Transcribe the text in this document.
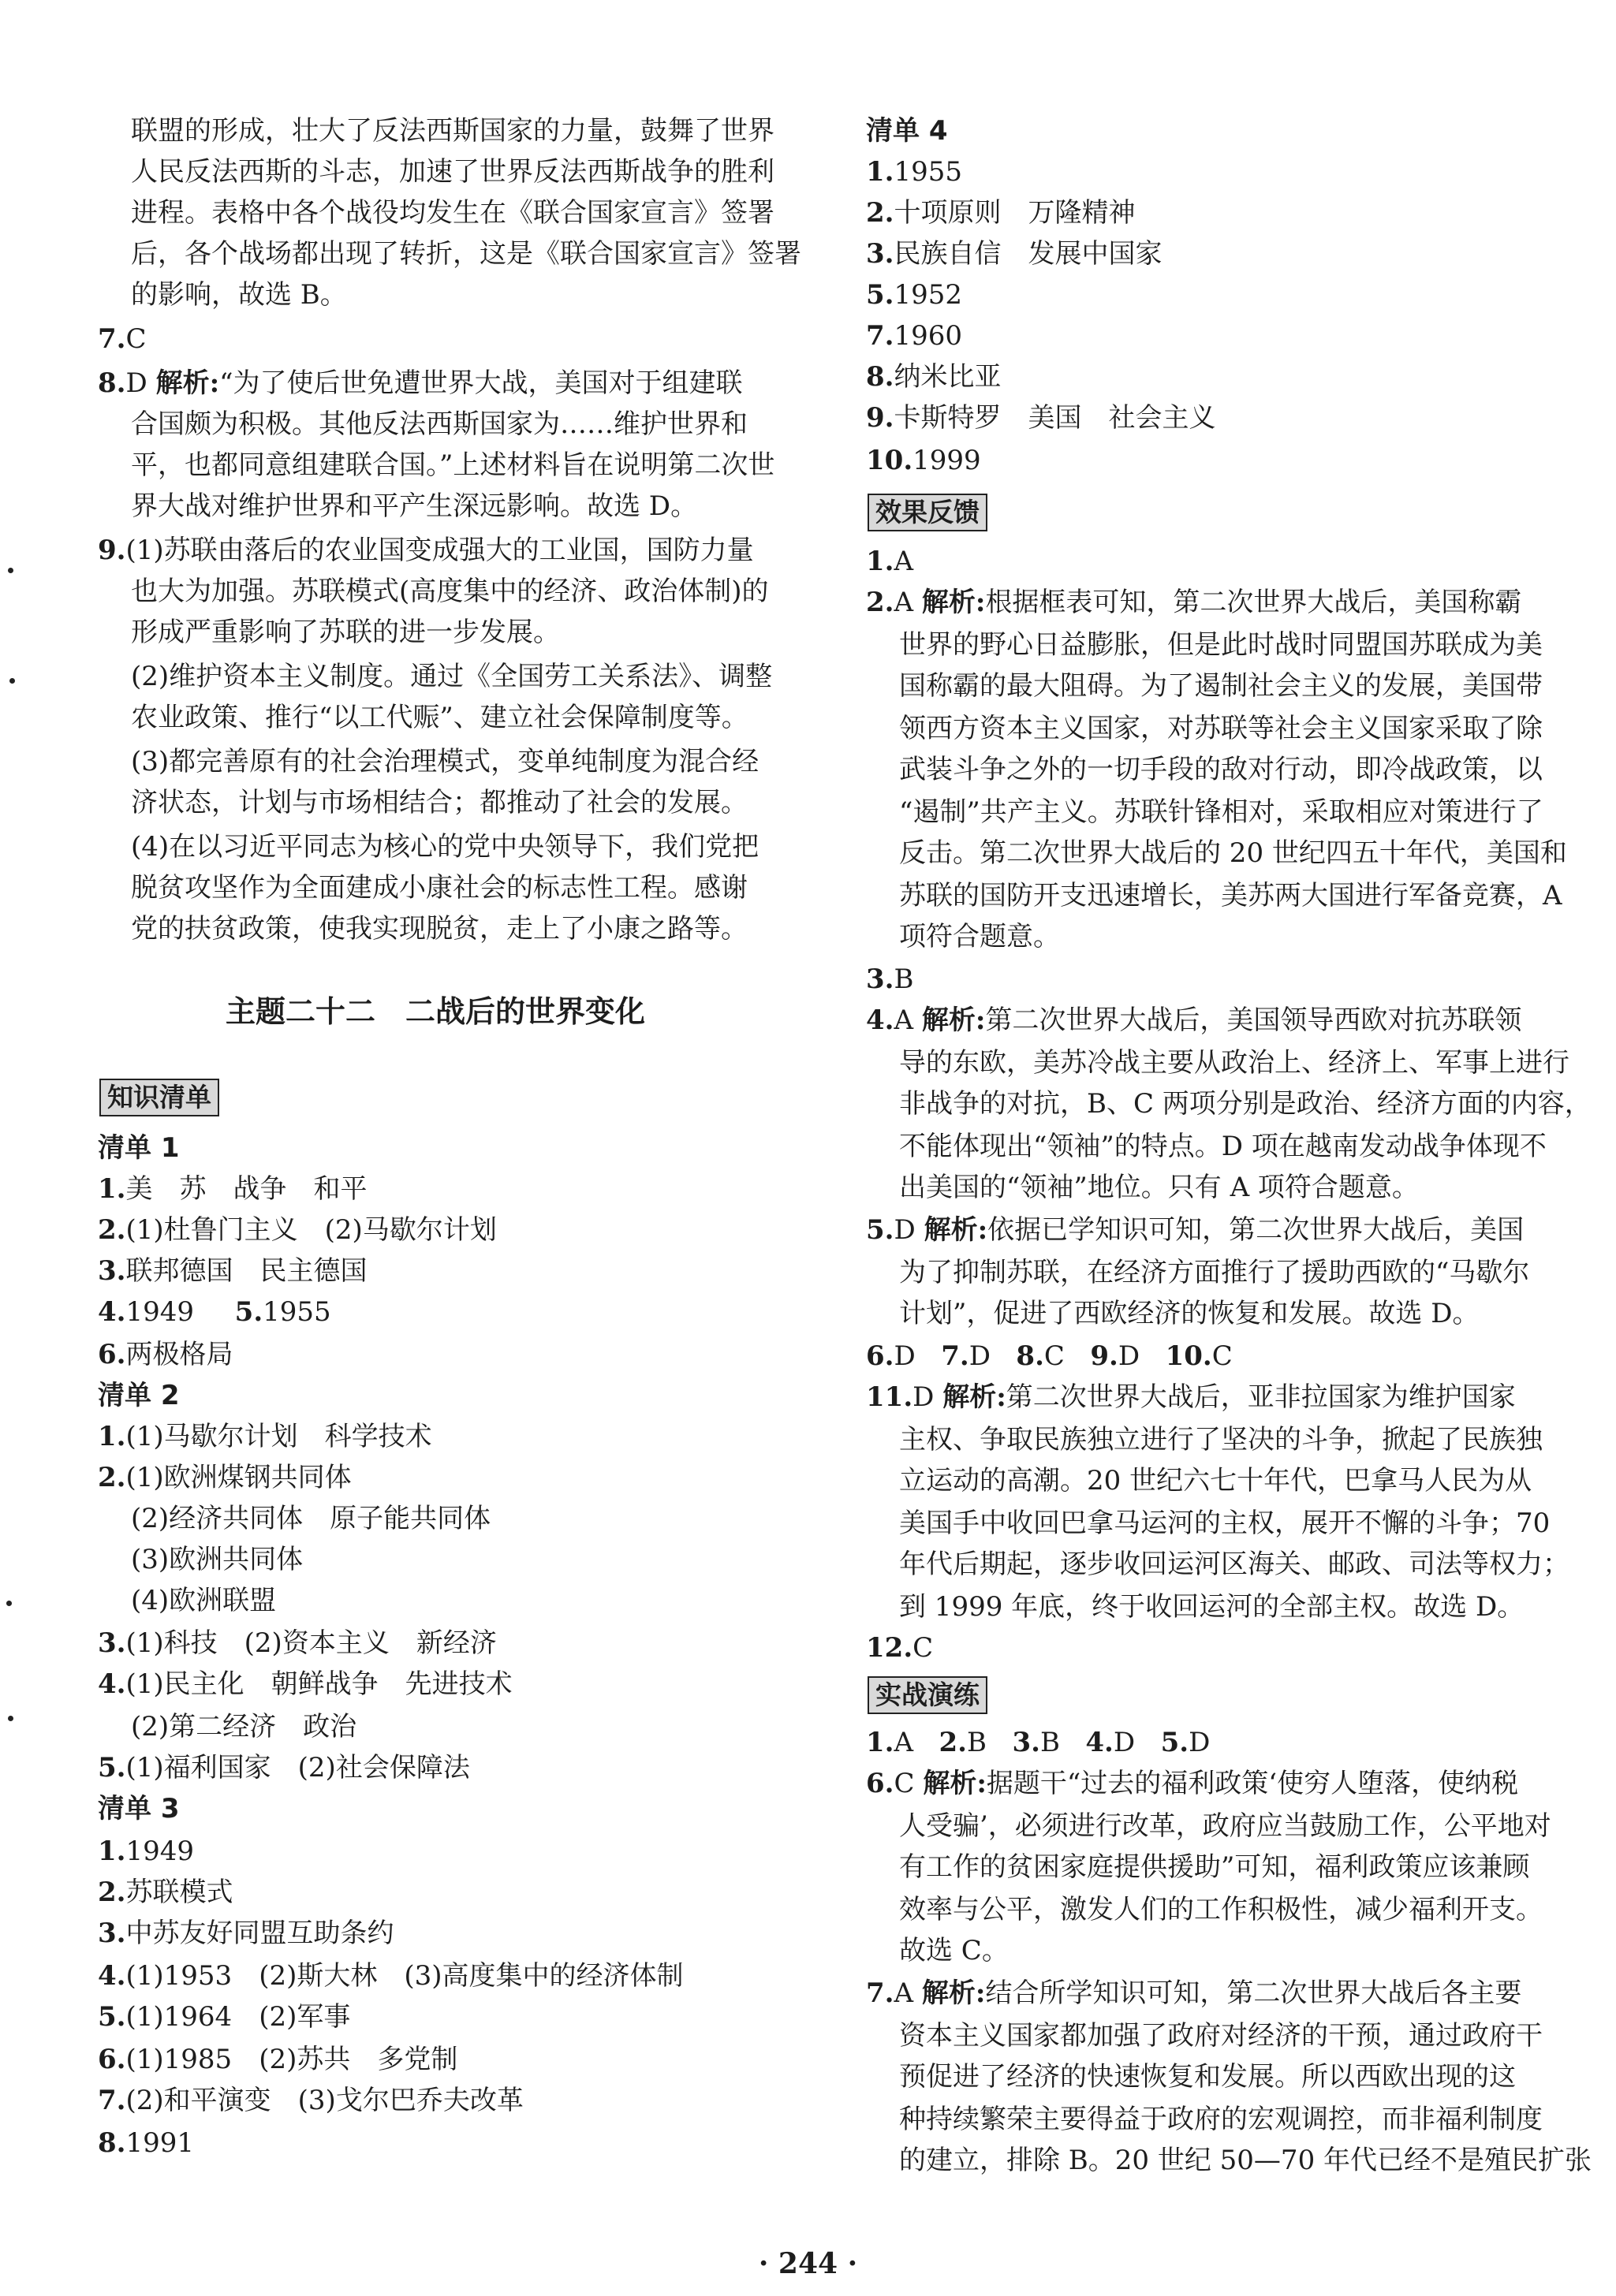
联盟的形成，壮大了反法西斯国家的力量，鼓舞了世界
人民反法西斯的斗志，加速了世界反法西斯战争的胜利
进程。表格中各个战役均发生在《联合国家宣言》签署
后，各个战场都出现了转折，这是《联合国家宣言》签署
的影响，故选 B。
7.C
8.D 解析:“为了使后世免遭世界大战，美国对于组建联
合国颇为积极。其他反法西斯国家为……维护世界和
平，也都同意组建联合国。”上述材料旨在说明第二次世
界大战对维护世界和平产生深远影响。故选 D。
9.(1)苏联由落后的农业国变成强大的工业国，国防力量
也大为加强。苏联模式(高度集中的经济、政治体制)的
形成严重影响了苏联的进一步发展。
(2)维护资本主义制度。通过《全国劳工关系法》、调整
农业政策、推行“以工代赈”、建立社会保障制度等。
(3)都完善原有的社会治理模式，变单纯制度为混合经
济状态，计划与市场相结合；都推动了社会的发展。
(4)在以习近平同志为核心的党中央领导下，我们党把
脱贫攻坚作为全面建成小康社会的标志性工程。感谢
党的扶贫政策，使我实现脱贫，走上了小康之路等。
主题二十二　二战后的世界变化
知识清单
清单 1
1.美　苏　战争　和平
2.(1)杜鲁门主义　(2)马歇尔计划
3.联邦德国　民主德国
4.1949 5.1955
6.两极格局
清单 2
1.(1)马歇尔计划　科学技术
2.(1)欧洲煤钢共同体
(2)经济共同体　原子能共同体
(3)欧洲共同体
(4)欧洲联盟
3.(1)科技　(2)资本主义　新经济
4.(1)民主化　朝鲜战争　先进技术
(2)第二经济　政治
5.(1)福利国家　(2)社会保障法
清单 3
1.1949
2.苏联模式
3.中苏友好同盟互助条约
4.(1)1953　(2)斯大林　(3)高度集中的经济体制
5.(1)1964　(2)军事
6.(1)1985　(2)苏共　多党制
7.(2)和平演变　(3)戈尔巴乔夫改革
8.1991
清单 4
1.1955
2.十项原则　万隆精神
3.民族自信　发展中国家
5.1952
7.1960
8.纳米比亚
9.卡斯特罗　美国　社会主义
10.1999
效果反馈
1.A
2.A 解析:根据框表可知，第二次世界大战后，美国称霸
世界的野心日益膨胀，但是此时战时同盟国苏联成为美
国称霸的最大阻碍。为了遏制社会主义的发展，美国带
领西方资本主义国家，对苏联等社会主义国家采取了除
武装斗争之外的一切手段的敌对行动，即冷战政策，以
“遏制”共产主义。苏联针锋相对，采取相应对策进行了
反击。第二次世界大战后的 20 世纪四五十年代，美国和
苏联的国防开支迅速增长，美苏两大国进行军备竞赛，A
项符合题意。
3.B
4.A 解析:第二次世界大战后，美国领导西欧对抗苏联领
导的东欧，美苏冷战主要从政治上、经济上、军事上进行
非战争的对抗，B、C 两项分别是政治、经济方面的内容，
不能体现出“领袖”的特点。D 项在越南发动战争体现不
出美国的“领袖”地位。只有 A 项符合题意。
5.D 解析:依据已学知识可知，第二次世界大战后，美国
为了抑制苏联，在经济方面推行了援助西欧的“马歇尔
计划”，促进了西欧经济的恢复和发展。故选 D。
6.D 7.D 8.C 9.D 10.C
11.D 解析:第二次世界大战后，亚非拉国家为维护国家
主权、争取民族独立进行了坚决的斗争，掀起了民族独
立运动的高潮。20 世纪六七十年代，巴拿马人民为从
美国手中收回巴拿马运河的主权，展开不懈的斗争；70
年代后期起，逐步收回运河区海关、邮政、司法等权力；
到 1999 年底，终于收回运河的全部主权。故选 D。
12.C
实战演练
1.A 2.B 3.B 4.D 5.D
6.C 解析:据题干“过去的福利政策‘使穷人堕落，使纳税
人受骗’，必须进行改革，政府应当鼓励工作，公平地对
有工作的贫困家庭提供援助”可知，福利政策应该兼顾
效率与公平，激发人们的工作积极性，减少福利开支。
故选 C。
7.A 解析:结合所学知识可知，第二次世界大战后各主要
资本主义国家都加强了政府对经济的干预，通过政府干
预促进了经济的快速恢复和发展。所以西欧出现的这
种持续繁荣主要得益于政府的宏观调控，而非福利制度
的建立，排除 B。20 世纪 50—70 年代已经不是殖民扩张
· 244 ·
